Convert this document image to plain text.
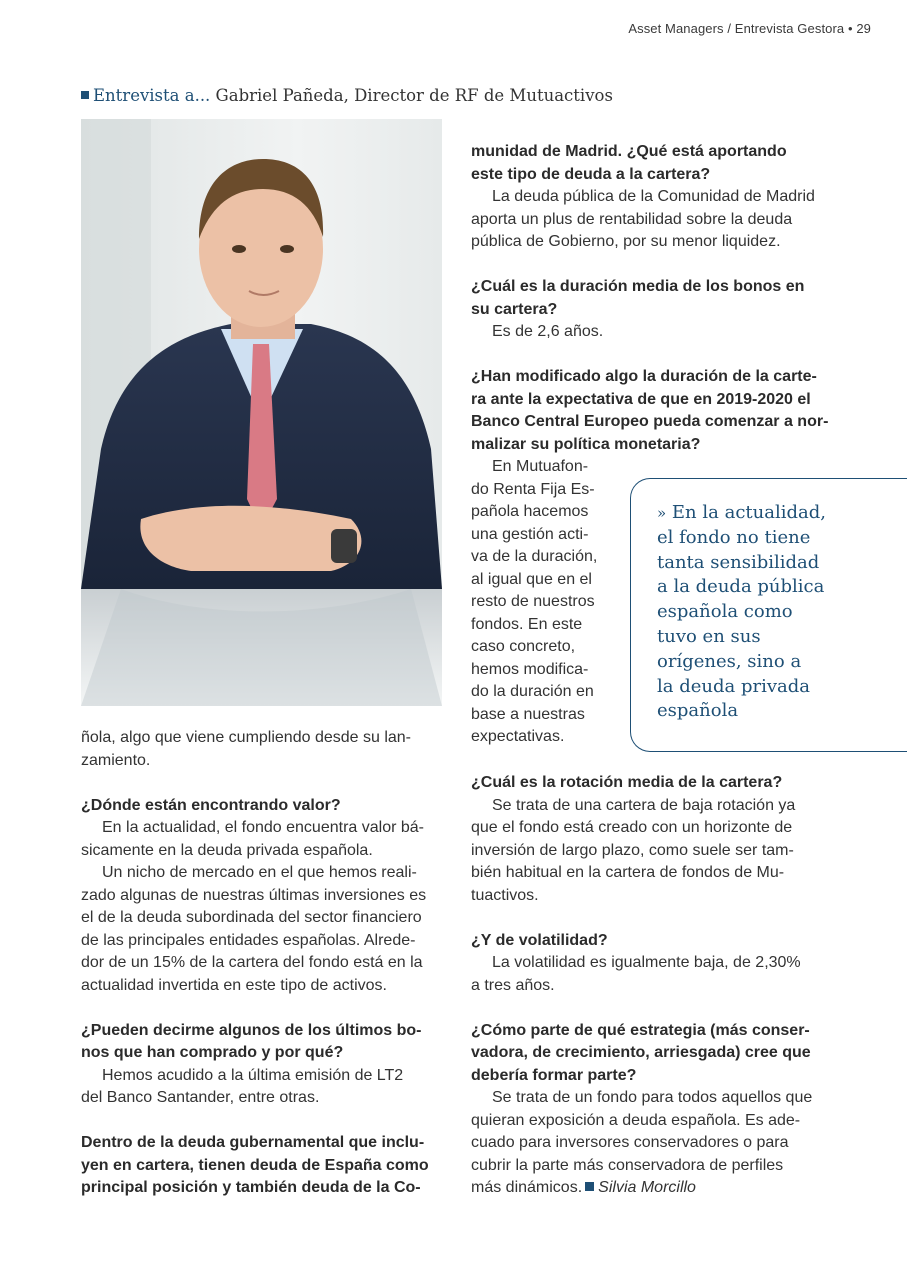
Asset Managers / Entrevista Gestora • 29
Entrevista a... Gabriel Pañeda, Director de RF de Mutuactivos

ñola, algo que viene cumpliendo desde su lan-

zamiento.

¿Dónde están encontrando valor?

En la actualidad, el fondo encuentra valor bá-

sicamente en la deuda privada española.

Un nicho de mercado en el que hemos reali-

zado algunas de nuestras últimas inversiones es

el de la deuda subordinada del sector financiero

de las principales entidades españolas. Alrede-

dor de un 15% de la cartera del fondo está en la

actualidad invertida en este tipo de activos.

¿Pueden decirme algunos de los últimos bo-

nos que han comprado y por qué?

Hemos acudido a la última emisión de LT2

del Banco Santander, entre otras.

Dentro de la deuda gubernamental que inclu-

yen en cartera, tienen deuda de España como

principal posición y también deuda de la Co-

munidad de Madrid. ¿Qué está aportando

este tipo de deuda a la cartera?

La deuda pública de la Comunidad de Madrid

aporta un plus de rentabilidad sobre la deuda

pública de Gobierno, por su menor liquidez.

¿Cuál es la duración media de los bonos en

su cartera?

Es de 2,6 años.

¿Han modificado algo la duración de la carte-

ra ante la expectativa de que en 2019-2020 el

Banco Central Europeo pueda comenzar a nor-

malizar su política monetaria?

En Mutuafon-

do Renta Fija Es-

pañola hacemos

una gestión acti-

va de la duración,

al igual que en el

resto de nuestros

fondos. En este

caso concreto,

hemos modifica-

do la duración en

base a nuestras

expectativas.

» En la actualidad,
el fondo no tiene
tanta sensibilidad
a la deuda pública
española como
tuvo en sus
orígenes, sino a
la deuda privada
española

¿Cuál es la rotación media de la cartera?

Se trata de una cartera de baja rotación ya

que el fondo está creado con un horizonte de

inversión de largo plazo, como suele ser tam-

bién habitual en la cartera de fondos de Mu-

tuactivos.

¿Y de volatilidad?

La volatilidad es igualmente baja, de 2,30%

a tres años.

¿Cómo parte de qué estrategia (más conser-

vadora, de crecimiento, arriesgada) cree que

debería formar parte?

Se trata de un fondo para todos aquellos que

quieran exposición a deuda española. Es ade-

cuado para inversores conservadores o para

cubrir la parte más conservadora de perfiles

más dinámicos. Silvia Morcillo
